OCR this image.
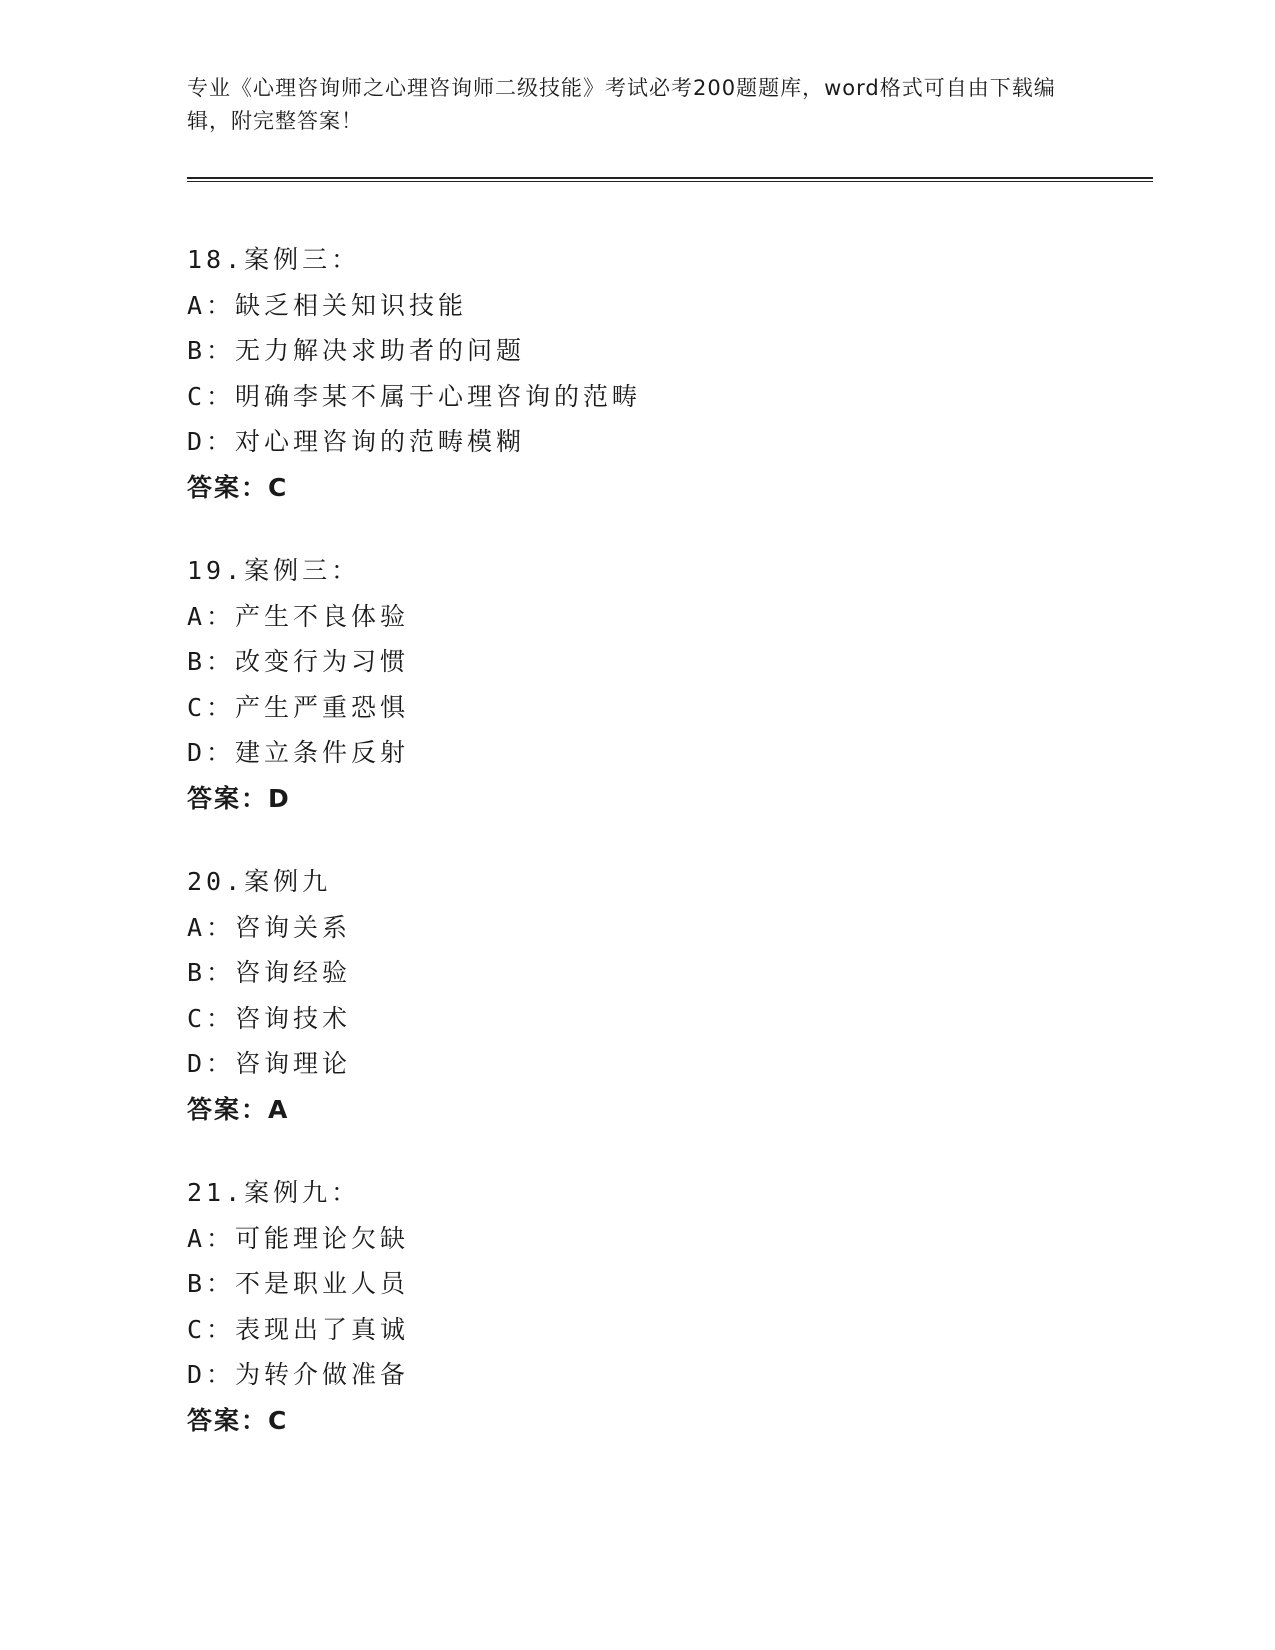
专业《心理咨询师之心理咨询师二级技能》考试必考200题题库，word格式可自由下载编辑，附完整答案！
18.案例三：
A：缺乏相关知识技能
B：无力解决求助者的问题
C：明确李某不属于心理咨询的范畴
D：对心理咨询的范畴模糊
答案：C
19.案例三：
A：产生不良体验
B：改变行为习惯
C：产生严重恐惧
D：建立条件反射
答案：D
20.案例九
A：咨询关系
B：咨询经验
C：咨询技术
D：咨询理论
答案：A
21.案例九：
A：可能理论欠缺
B：不是职业人员
C：表现出了真诚
D：为转介做准备
答案：C
